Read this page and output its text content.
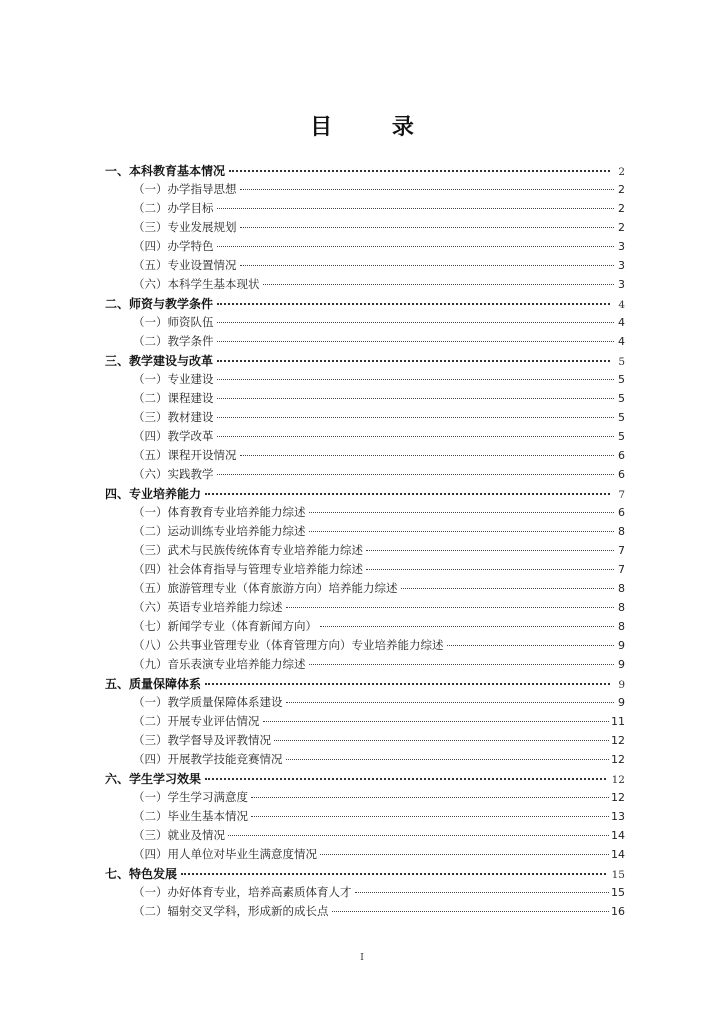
目 录
一、本科教育基本情况	2
（一）办学指导思想	2
（二）办学目标	2
（三）专业发展规划	2
（四）办学特色	3
（五）专业设置情况	3
（六）本科学生基本现状	3
二、师资与教学条件	4
（一）师资队伍	4
（二）教学条件	4
三、教学建设与改革	5
（一）专业建设	5
（二）课程建设	5
（三）教材建设	5
（四）教学改革	5
（五）课程开设情况	6
（六）实践教学	6
四、专业培养能力	7
（一）体育教育专业培养能力综述	6
（二）运动训练专业培养能力综述	8
（三）武术与民族传统体育专业培养能力综述	7
（四）社会体育指导与管理专业培养能力综述	7
（五）旅游管理专业（体育旅游方向）培养能力综述	8
（六）英语专业培养能力综述	8
（七）新闻学专业（体育新闻方向）	8
（八）公共事业管理专业（体育管理方向）专业培养能力综述	9
（九）音乐表演专业培养能力综述	9
五、质量保障体系	9
（一）教学质量保障体系建设	9
（二）开展专业评估情况	11
（三）教学督导及评教情况	12
（四）开展教学技能竞赛情况	12
六、学生学习效果	12
（一）学生学习满意度	12
（二）毕业生基本情况	13
（三）就业及情况	14
（四）用人单位对毕业生满意度情况	14
七、特色发展	15
（一）办好体育专业，培养高素质体育人才	15
（二）辐射交叉学科，形成新的成长点	16
I
